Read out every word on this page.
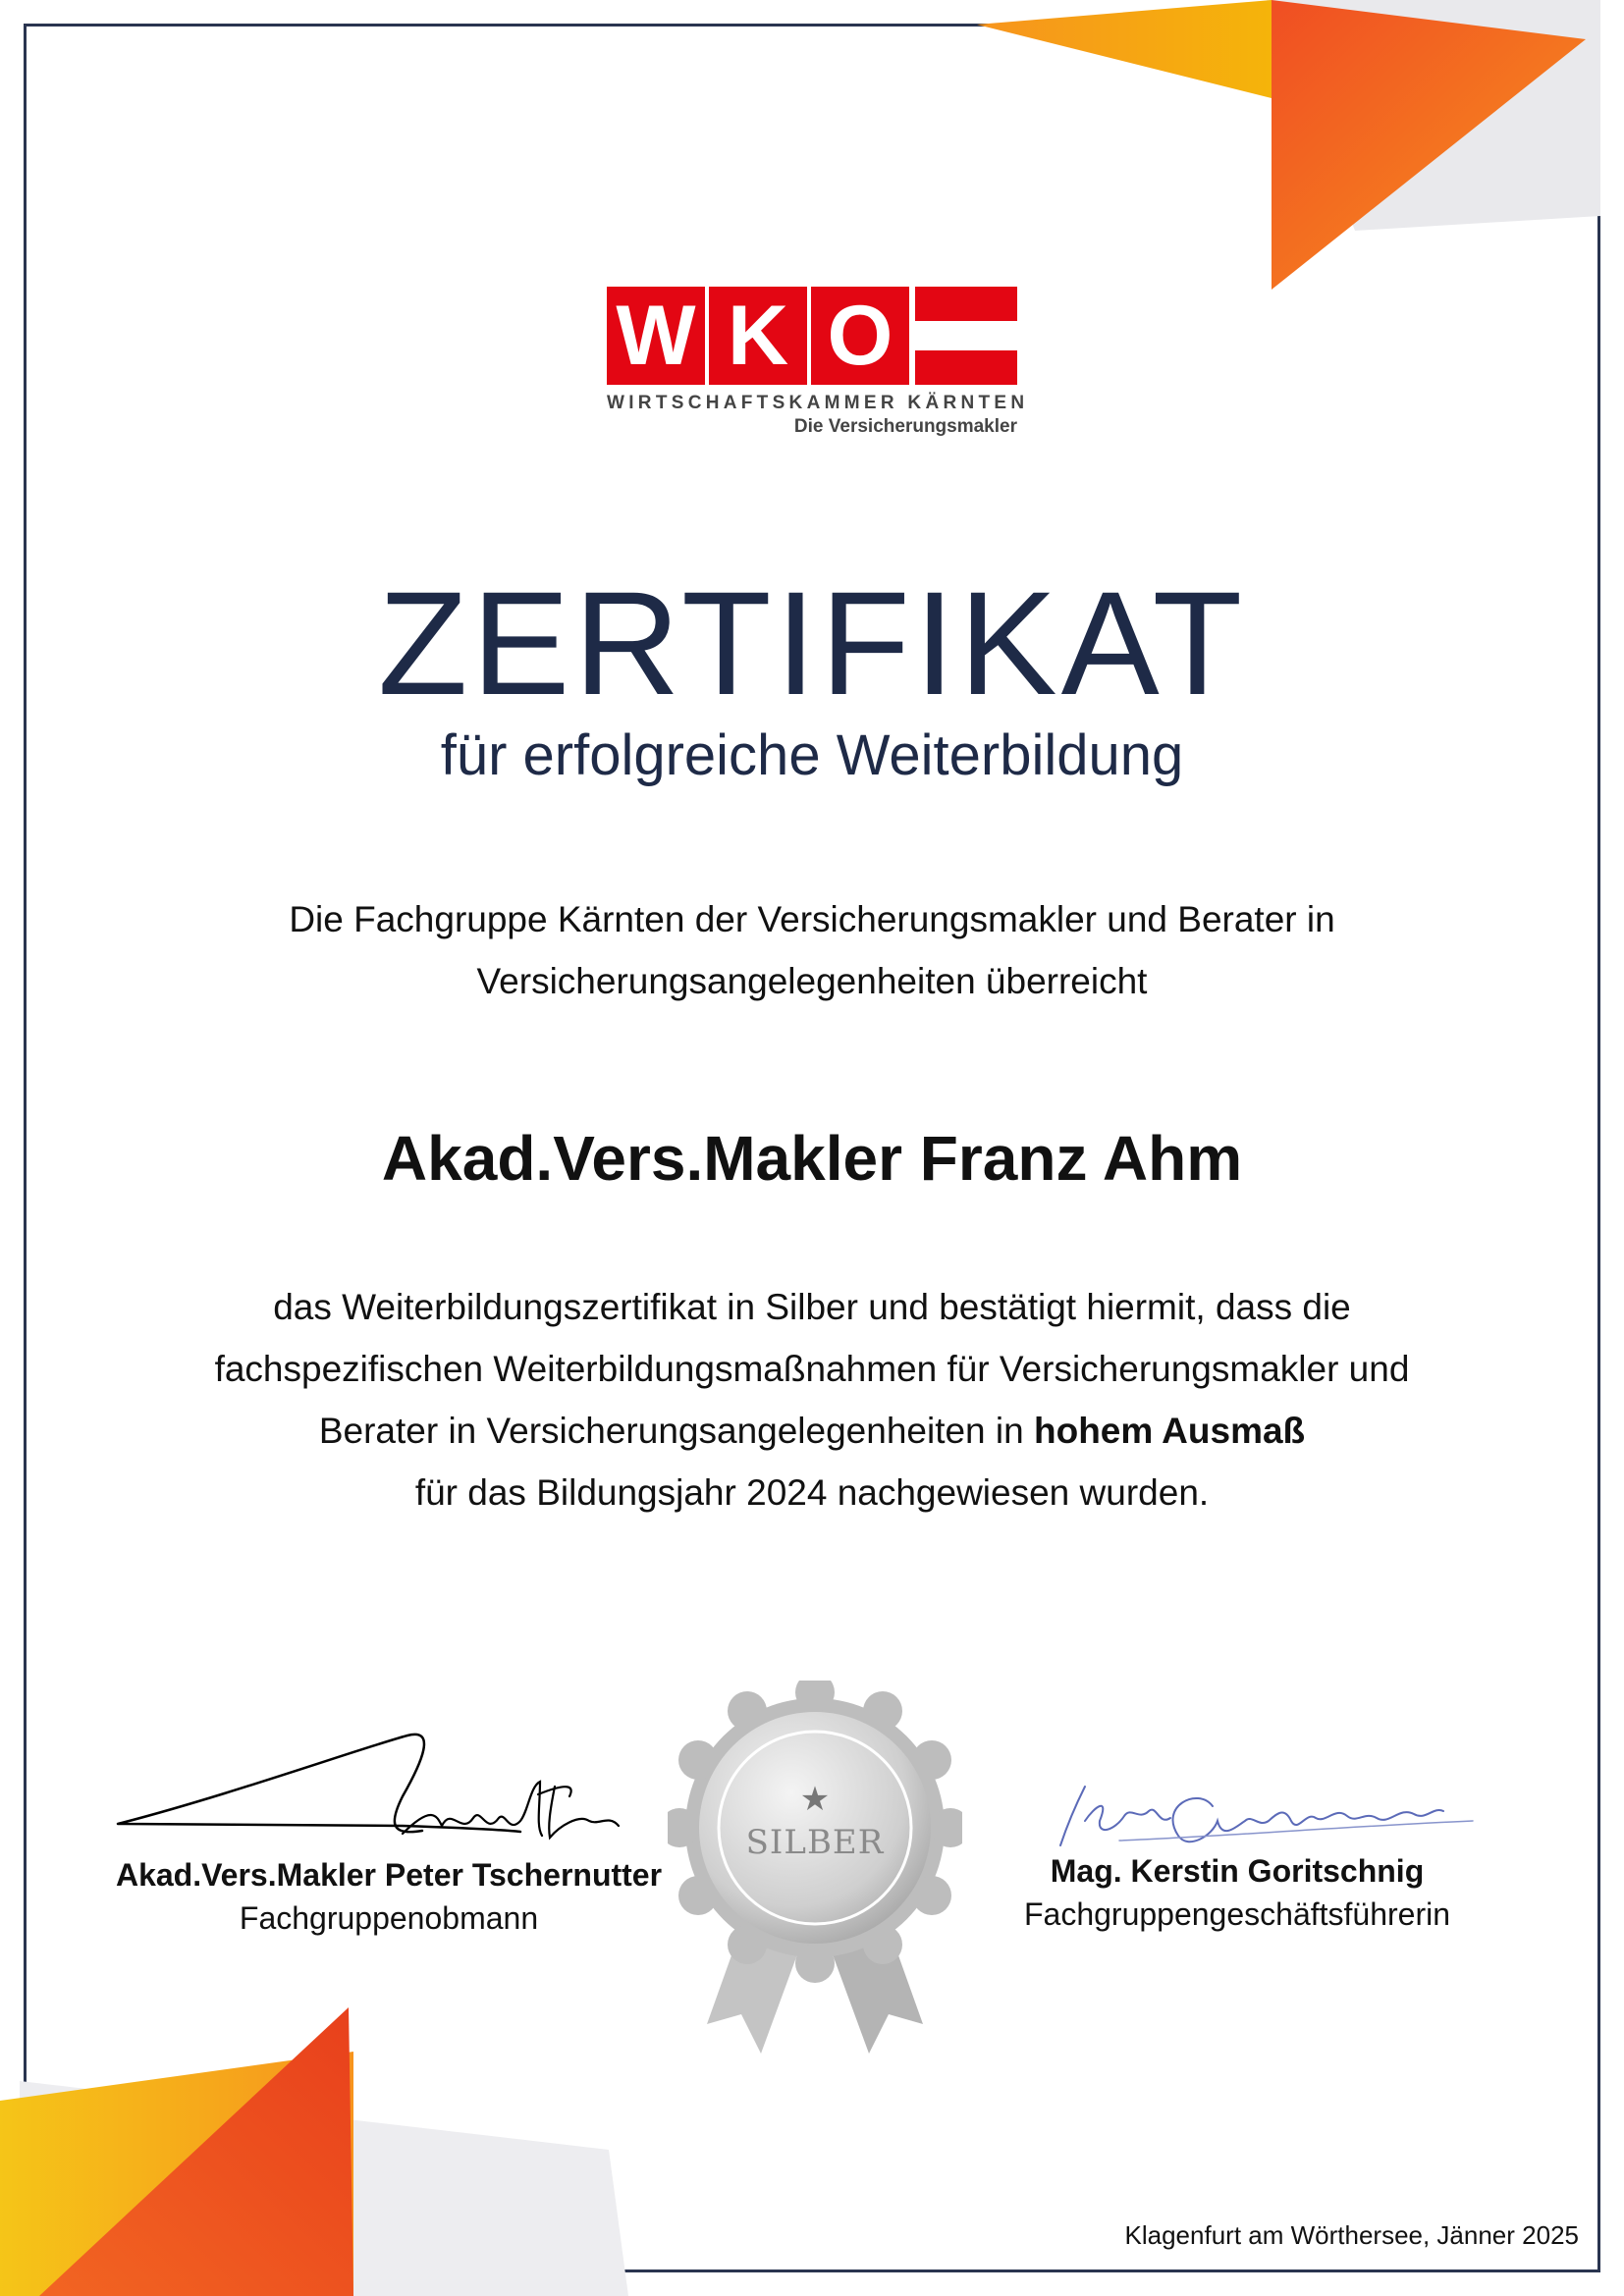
W K O
WIRTSCHAFTSKAMMER KÄRNTEN
Die Versicherungsmakler
ZERTIFIKAT
für erfolgreiche Weiterbildung
Die Fachgruppe Kärnten der Versicherungsmakler und Berater in
Versicherungsangelegenheiten überreicht
Akad.Vers.Makler Franz Ahm
das Weiterbildungszertifikat in Silber und bestätigt hiermit, dass die
fachspezifischen Weiterbildungsmaßnahmen für Versicherungsmakler und
Berater in Versicherungsangelegenheiten in hohem Ausmaß
für das Bildungsjahr 2024 nachgewiesen wurden.
Akad.Vers.Makler Peter Tschernutter
Fachgruppenobmann
★
SILBER
Mag. Kerstin Goritschnig
Fachgruppengeschäftsführerin
Klagenfurt am Wörthersee, Jänner 2025
